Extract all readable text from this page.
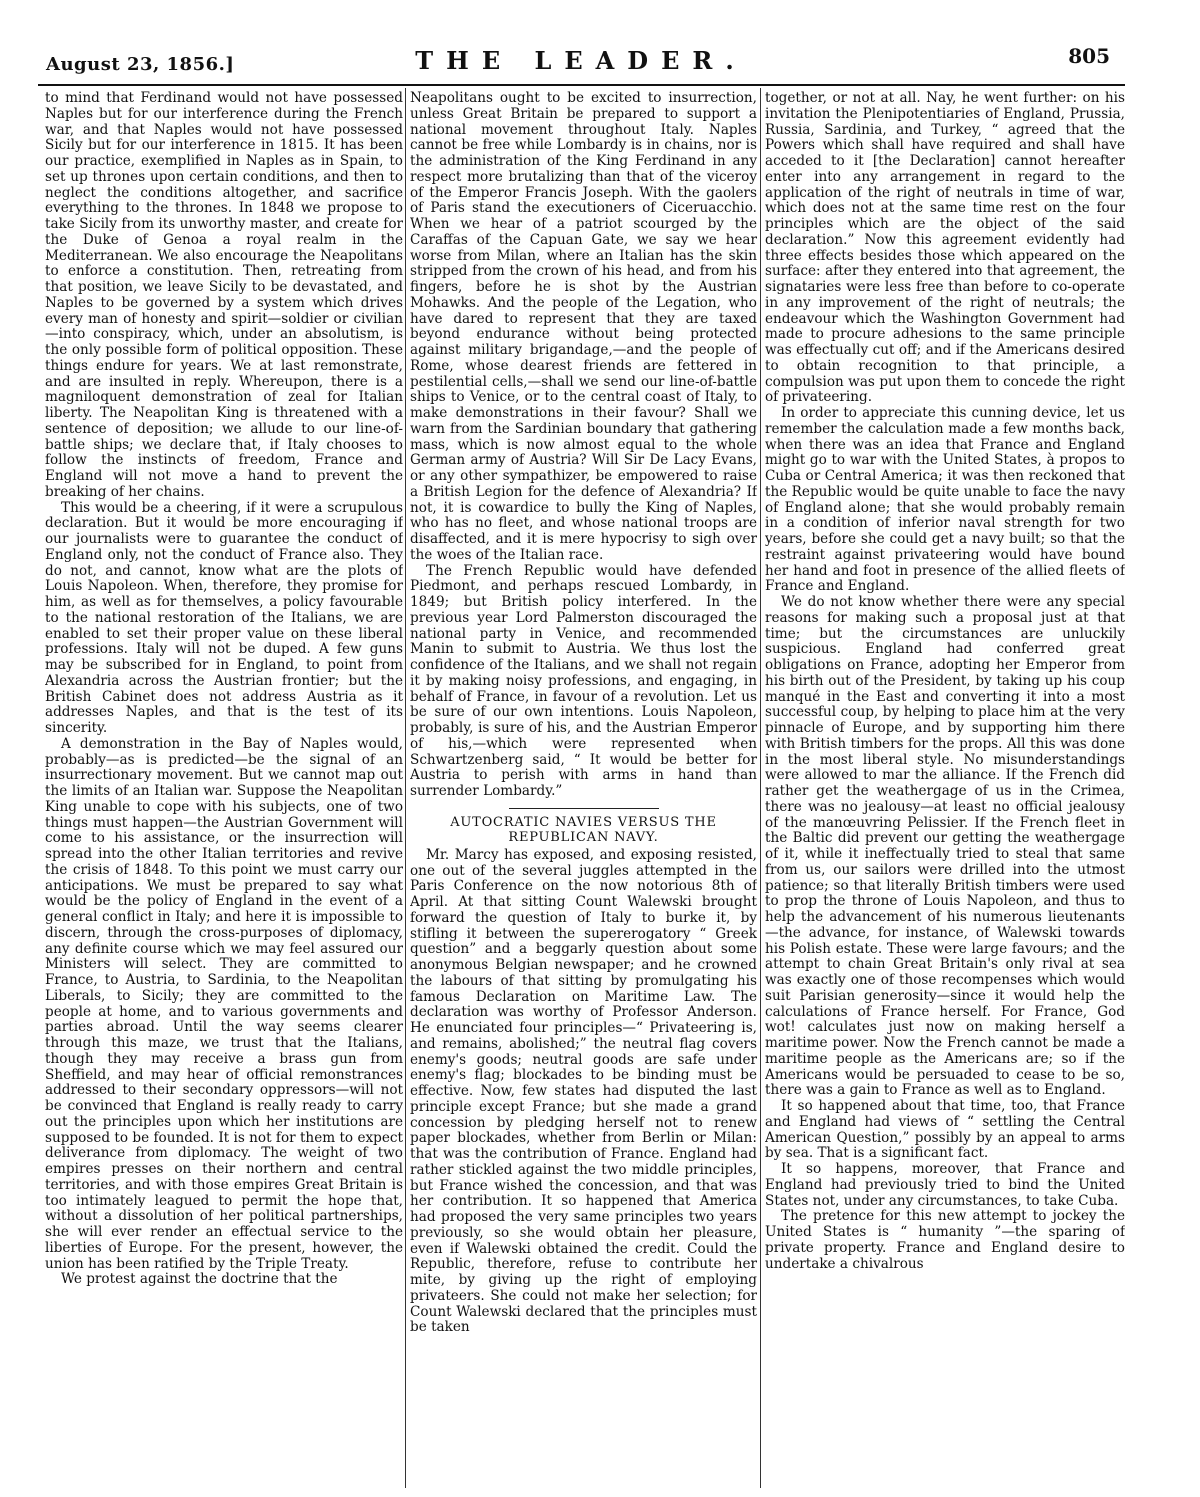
August 23, 1856.]	THE LEADER.	805

to mind that Ferdinand would not have possessed Naples but for our interference during the French war, and that Naples would not have possessed Sicily but for our interference in 1815. It has been our practice, exemplified in Naples as in Spain, to set up thrones upon certain conditions, and then to neglect the conditions altogether, and sacrifice everything to the thrones. In 1848 we propose to take Sicily from its unworthy master, and create for the Duke of Genoa a royal realm in the Mediterranean. We also encourage the Neapolitans to enforce a constitution. Then, retreating from that position, we leave Sicily to be devastated, and Naples to be governed by a system which drives every man of honesty and spirit—soldier or civilian—into conspiracy, which, under an absolutism, is the only possible form of political opposition. These things endure for years. We at last remonstrate, and are insulted in reply. Whereupon, there is a magniloquent demonstration of zeal for Italian liberty. The Neapolitan King is threatened with a sentence of deposition; we allude to our line-of-battle ships; we declare that, if Italy chooses to follow the instincts of freedom, France and England will not move a hand to prevent the breaking of her chains.

This would be a cheering, if it were a scrupulous declaration. But it would be more encouraging if our journalists were to guarantee the conduct of England only, not the conduct of France also. They do not, and cannot, know what are the plots of Louis Napoleon. When, therefore, they promise for him, as well as for themselves, a policy favourable to the national restoration of the Italians, we are enabled to set their proper value on these liberal professions. Italy will not be duped. A few guns may be subscribed for in England, to point from Alexandria across the Austrian frontier; but the British Cabinet does not address Austria as it addresses Naples, and that is the test of its sincerity.

A demonstration in the Bay of Naples would, probably—as is predicted—be the signal of an insurrectionary movement. But we cannot map out the limits of an Italian war. Suppose the Neapolitan King unable to cope with his subjects, one of two things must happen—the Austrian Government will come to his assistance, or the insurrection will spread into the other Italian territories and revive the crisis of 1848. To this point we must carry our anticipations. We must be prepared to say what would be the policy of England in the event of a general conflict in Italy; and here it is impossible to discern, through the cross-purposes of diplomacy, any definite course which we may feel assured our Ministers will select. They are committed to France, to Austria, to Sardinia, to the Neapolitan Liberals, to Sicily; they are committed to the people at home, and to various governments and parties abroad. Until the way seems clearer through this maze, we trust that the Italians, though they may receive a brass gun from Sheffield, and may hear of official remonstrances addressed to their secondary oppressors—will not be convinced that England is really ready to carry out the principles upon which her institutions are supposed to be founded. It is not for them to expect deliverance from diplomacy. The weight of two empires presses on their northern and central territories, and with those empires Great Britain is too intimately leagued to permit the hope that, without a dissolution of her political partnerships, she will ever render an effectual service to the liberties of Europe. For the present, however, the union has been ratified by the Triple Treaty.

We protest against the doctrine that the

Neapolitans ought to be excited to insurrection, unless Great Britain be prepared to support a national movement throughout Italy. Naples cannot be free while Lombardy is in chains, nor is the administration of the King Ferdinand in any respect more brutalizing than that of the viceroy of the Emperor Francis Joseph. With the gaolers of Paris stand the executioners of Ciceruacchio. When we hear of a patriot scourged by the Caraffas of the Capuan Gate, we say we hear worse from Milan, where an Italian has the skin stripped from the crown of his head, and from his fingers, before he is shot by the Austrian Mohawks. And the people of the Legation, who have dared to represent that they are taxed beyond endurance without being protected against military brigandage,—and the people of Rome, whose dearest friends are fettered in pestilential cells,—shall we send our line-of-battle ships to Venice, or to the central coast of Italy, to make demonstrations in their favour? Shall we warn from the Sardinian boundary that gathering mass, which is now almost equal to the whole German army of Austria? Will Sir De Lacy Evans, or any other sympathizer, be empowered to raise a British Legion for the defence of Alexandria? If not, it is cowardice to bully the King of Naples, who has no fleet, and whose national troops are disaffected, and it is mere hypocrisy to sigh over the woes of the Italian race.

The French Republic would have defended Piedmont, and perhaps rescued Lombardy, in 1849; but British policy interfered. In the previous year Lord Palmerston discouraged the national party in Venice, and recommended Manin to submit to Austria. We thus lost the confidence of the Italians, and we shall not regain it by making noisy professions, and engaging, in behalf of France, in favour of a revolution. Let us be sure of our own intentions. Louis Napoleon, probably, is sure of his, and the Austrian Emperor of his,—which were represented when Schwartzenberg said, “ It would be better for Austria to perish with arms in hand than surrender Lombardy.”

AUTOCRATIC NAVIES VERSUS THE REPUBLICAN NAVY.

Mr. Marcy has exposed, and exposing resisted, one out of the several juggles attempted in the Paris Conference on the now notorious 8th of April. At that sitting Count Walewski brought forward the question of Italy to burke it, by stifling it between the supererogatory “ Greek question” and a beggarly question about some anonymous Belgian newspaper; and he crowned the labours of that sitting by promulgating his famous Declaration on Maritime Law. The declaration was worthy of Professor Anderson. He enunciated four principles—“ Privateering is, and remains, abolished;” the neutral flag covers enemy's goods; neutral goods are safe under enemy's flag; blockades to be binding must be effective. Now, few states had disputed the last principle except France; but she made a grand concession by pledging herself not to renew paper blockades, whether from Berlin or Milan: that was the contribution of France. England had rather stickled against the two middle principles, but France wished the concession, and that was her contribution. It so happened that America had proposed the very same principles two years previously, so she would obtain her pleasure, even if Walewski obtained the credit. Could the Republic, therefore, refuse to contribute her mite, by giving up the right of employing privateers. She could not make her selection; for Count Walewski declared that the principles must be taken

together, or not at all. Nay, he went further: on his invitation the Plenipotentiaries of England, Prussia, Russia, Sardinia, and Turkey, “ agreed that the Powers which shall have required and shall have acceded to it [the Declaration] cannot hereafter enter into any arrangement in regard to the application of the right of neutrals in time of war, which does not at the same time rest on the four principles which are the object of the said declaration.” Now this agreement evidently had three effects besides those which appeared on the surface: after they entered into that agreement, the signataries were less free than before to co-operate in any improvement of the right of neutrals; the endeavour which the Washington Government had made to procure adhesions to the same principle was effectually cut off; and if the Americans desired to obtain recognition to that principle, a compulsion was put upon them to concede the right of privateering.

In order to appreciate this cunning device, let us remember the calculation made a few months back, when there was an idea that France and England might go to war with the United States, à propos to Cuba or Central America; it was then reckoned that the Republic would be quite unable to face the navy of England alone; that she would probably remain in a condition of inferior naval strength for two years, before she could get a navy built; so that the restraint against privateering would have bound her hand and foot in presence of the allied fleets of France and England.

We do not know whether there were any special reasons for making such a proposal just at that time; but the circumstances are unluckily suspicious. England had conferred great obligations on France, adopting her Emperor from his birth out of the President, by taking up his coup manqué in the East and converting it into a most successful coup, by helping to place him at the very pinnacle of Europe, and by supporting him there with British timbers for the props. All this was done in the most liberal style. No misunderstandings were allowed to mar the alliance. If the French did rather get the weathergage of us in the Crimea, there was no jealousy—at least no official jealousy of the manœuvring Pelissier. If the French fleet in the Baltic did prevent our getting the weathergage of it, while it ineffectually tried to steal that same from us, our sailors were drilled into the utmost patience; so that literally British timbers were used to prop the throne of Louis Napoleon, and thus to help the advancement of his numerous lieutenants—the advance, for instance, of Walewski towards his Polish estate. These were large favours; and the attempt to chain Great Britain's only rival at sea was exactly one of those recompenses which would suit Parisian generosity—since it would help the calculations of France herself. For France, God wot! calculates just now on making herself a maritime power. Now the French cannot be made a maritime people as the Americans are; so if the Americans would be persuaded to cease to be so, there was a gain to France as well as to England.

It so happened about that time, too, that France and England had views of “ settling the Central American Question,” possibly by an appeal to arms by sea. That is a significant fact.

It so happens, moreover, that France and England had previously tried to bind the United States not, under any circumstances, to take Cuba.

The pretence for this new attempt to jockey the United States is “ humanity ”—the sparing of private property. France and England desire to undertake a chivalrous
